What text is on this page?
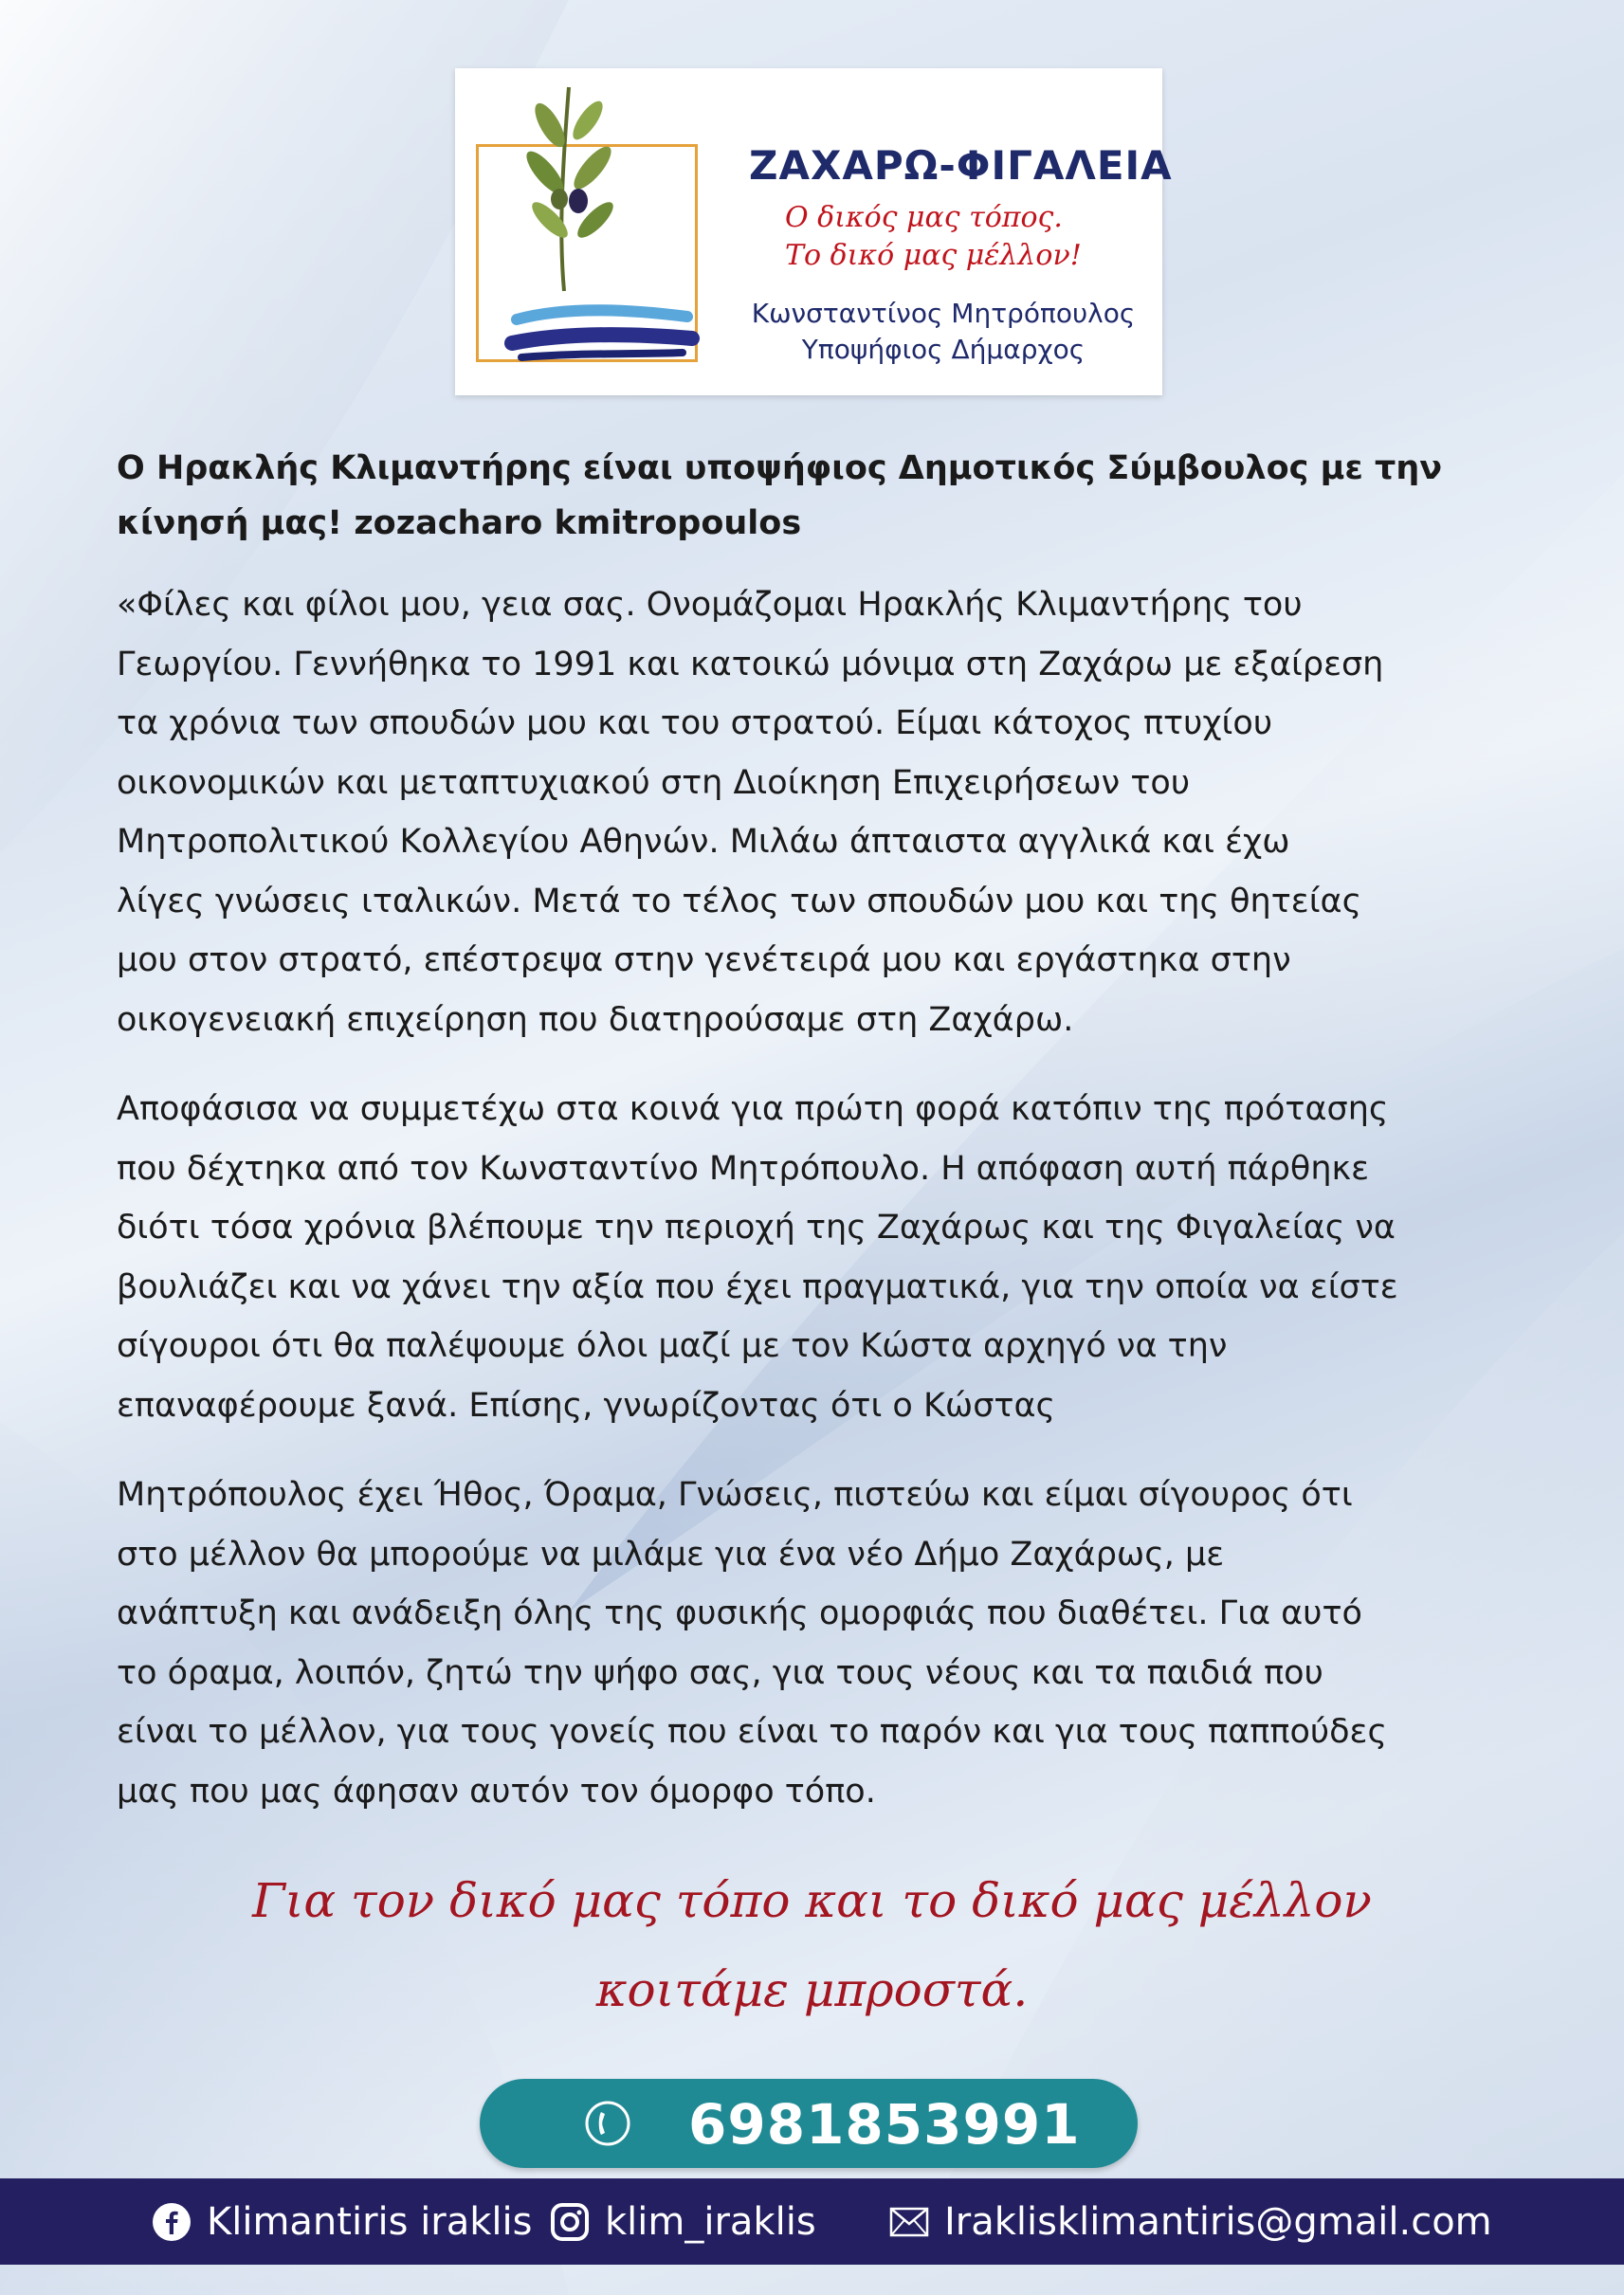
ΖΑΧΑΡΩ-ΦΙΓΑΛΕΙΑ
Ο δικός μας τόπος.
Το δικό μας μέλλον!
Κωνσταντίνος Μητρόπουλος
Υποψήφιος Δήμαρχος
Ο Ηρακλής Κλιμαντήρης είναι υποψήφιος Δημοτικός Σύμβουλος με την
κίνησή μας! zozacharo kmitropoulos
«Φίλες και φίλοι μου, γεια σας. Ονομάζομαι Ηρακλής Κλιμαντήρης του
Γεωργίου. Γεννήθηκα το 1991 και κατοικώ μόνιμα στη Ζαχάρω με εξαίρεση
τα χρόνια των σπουδών μου και του στρατού. Είμαι κάτοχος πτυχίου
οικονομικών και μεταπτυχιακού στη Διοίκηση Επιχειρήσεων του
Μητροπολιτικού Κολλεγίου Αθηνών. Μιλάω άπταιστα αγγλικά και έχω
λίγες γνώσεις ιταλικών. Μετά το τέλος των σπουδών μου και της θητείας
μου στον στρατό, επέστρεψα στην γενέτειρά μου και εργάστηκα στην
οικογενειακή επιχείρηση που διατηρούσαμε στη Ζαχάρω.
Αποφάσισα να συμμετέχω στα κοινά για πρώτη φορά κατόπιν της πρότασης
που δέχτηκα από τον Κωνσταντίνο Μητρόπουλο. Η απόφαση αυτή πάρθηκε
διότι τόσα χρόνια βλέπουμε την περιοχή της Ζαχάρως και της Φιγαλείας να
βουλιάζει και να χάνει την αξία που έχει πραγματικά, για την οποία να είστε
σίγουροι ότι θα παλέψουμε όλοι μαζί με τον Κώστα αρχηγό να την
επαναφέρουμε ξανά. Επίσης, γνωρίζοντας ότι ο Κώστας
Μητρόπουλος έχει Ήθος, Όραμα, Γνώσεις, πιστεύω και είμαι σίγουρος ότι
στο μέλλον θα μπορούμε να μιλάμε για ένα νέο Δήμο Ζαχάρως, με
ανάπτυξη και ανάδειξη όλης της φυσικής ομορφιάς που διαθέτει. Για αυτό
το όραμα, λοιπόν, ζητώ την ψήφο σας, για τους νέους και τα παιδιά που
είναι το μέλλον, για τους γονείς που είναι το παρόν και για τους παππούδες
μας που μας άφησαν αυτόν τον όμορφο τόπο.
Για τον δικό μας τόπο και το δικό μας μέλλον
κοιτάμε μπροστά.
6981853991
Klimantiris iraklis klim_iraklis	Iraklisklimantiris@gmail.com
